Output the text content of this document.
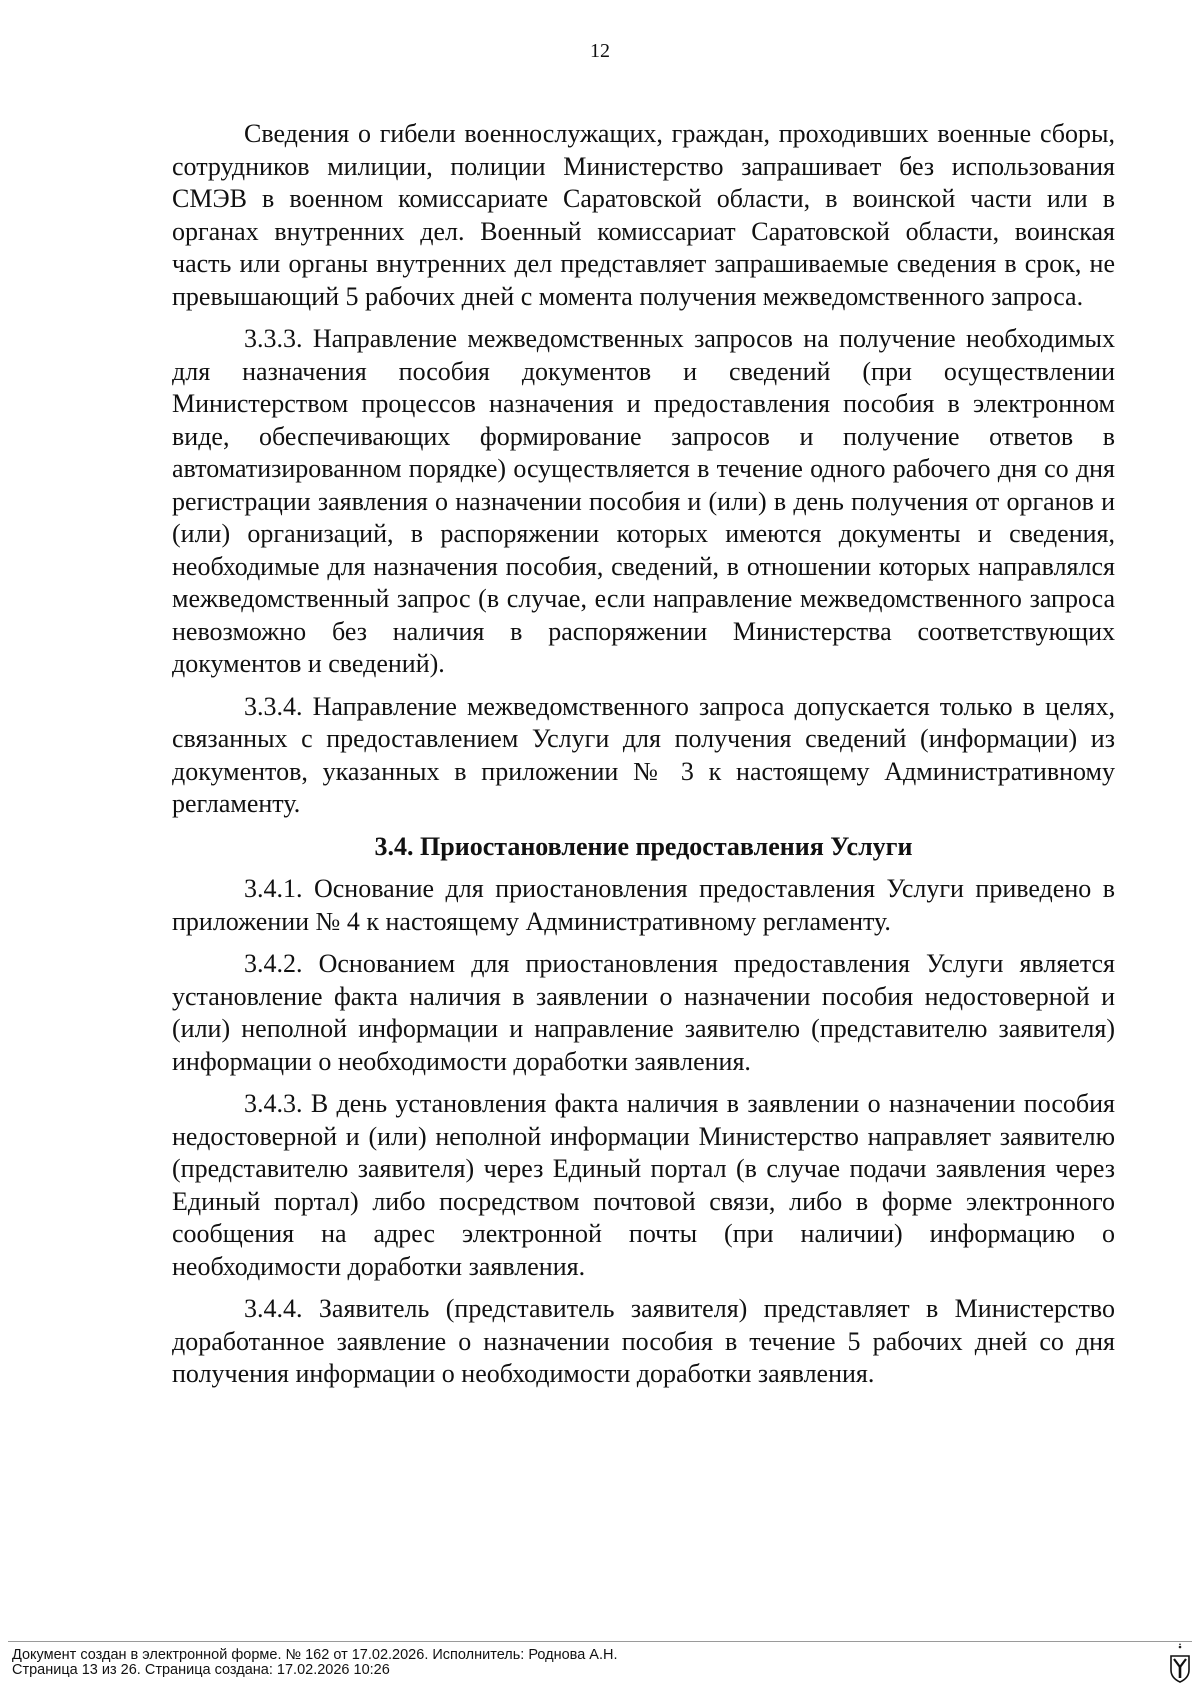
12

Сведения о гибели военнослужащих, граждан, проходивших военные сборы, сотрудников милиции, полиции Министерство запрашивает без использования СМЭВ в военном комиссариате Саратовской области, в воинской части или в органах внутренних дел. Военный комиссариат Саратовской области, воинская часть или органы внутренних дел представляет запрашиваемые сведения в срок, не превышающий 5 рабочих дней с момента получения межведомственного запроса.

3.3.3. Направление межведомственных запросов на получение необходимых для назначения пособия документов и сведений (при осуществлении Министерством процессов назначения и предоставления пособия в электронном виде, обеспечивающих формирование запросов и получение ответов в автоматизированном порядке) осуществляется в течение одного рабочего дня со дня регистрации заявления о назначении пособия и (или) в день получения от органов и (или) организаций, в распоряжении которых имеются документы и сведения, необходимые для назначения пособия, сведений, в отношении которых направлялся межведомственный запрос (в случае, если направление межведомственного запроса невозможно без наличия в распоряжении Министерства соответствующих документов и сведений).

3.3.4. Направление межведомственного запроса допускается только в целях, связанных с предоставлением Услуги для получения сведений (информации) из документов, указанных в приложении № 3 к настоящему Административному регламенту.

3.4. Приостановление предоставления Услуги

3.4.1. Основание для приостановления предоставления Услуги приведено в приложении № 4 к настоящему Административному регламенту.

3.4.2. Основанием для приостановления предоставления Услуги является установление факта наличия в заявлении о назначении пособия недостоверной и (или) неполной информации и направление заявителю (представителю заявителя) информации о необходимости доработки заявления.

3.4.3. В день установления факта наличия в заявлении о назначении пособия недостоверной и (или) неполной информации Министерство направляет заявителю (представителю заявителя) через Единый портал (в случае подачи заявления через Единый портал) либо посредством почтовой связи, либо в форме электронного сообщения на адрес электронной почты (при наличии) информацию о необходимости доработки заявления.

3.4.4. Заявитель (представитель заявителя) представляет в Министерство доработанное заявление о назначении пособия в течение 5 рабочих дней со дня получения информации о необходимости доработки заявления.

Документ создан в электронной форме. № 162 от 17.02.2026. Исполнитель: Роднова А.Н.
Страница 13 из 26. Страница создана: 17.02.2026 10:26
